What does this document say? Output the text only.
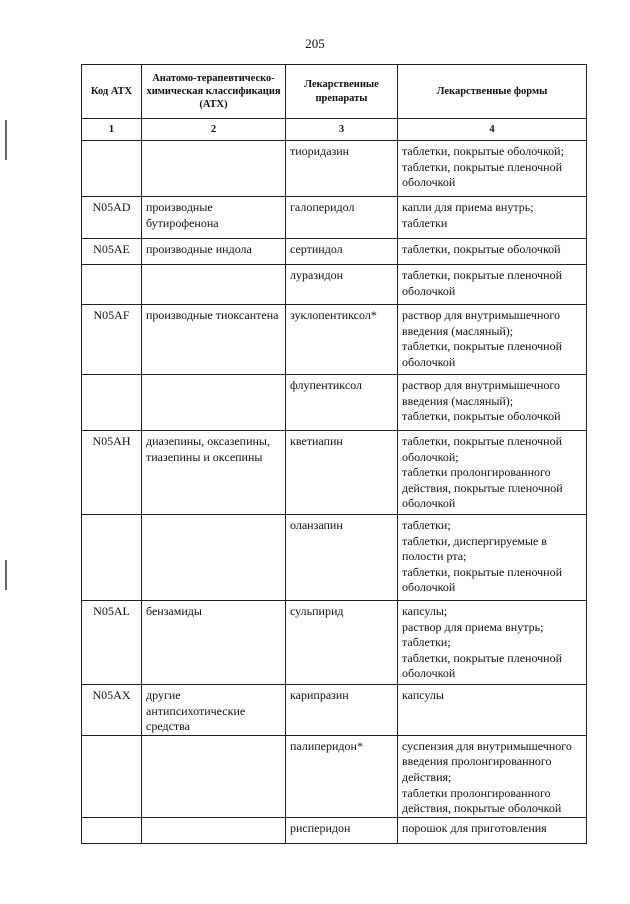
205
Код АТХ	Анатомо-терапевтическо-химическая классификация (АТХ)	Лекарственные препараты	Лекарственные формы
1	2	3	4
		тиоридазин	таблетки, покрытые оболочкой;
таблетки, покрытые пленочной оболочкой

N05AD	производные бутирофенона	галоперидол	капли для приема внутрь;
таблетки

N05AE	производные индола	сертиндол	таблетки, покрытые оболочкой

		луразидон	таблетки, покрытые пленочной оболочкой

N05AF	производные тиоксантена	зуклопентиксол*	раствор для внутримышечного введения (масляный);
таблетки, покрытые пленочной оболочкой

		флупентиксол	раствор для внутримышечного введения (масляный);
таблетки, покрытые оболочкой

N05AH	диазепины, оксазепины, тиазепины и оксепины	кветиапин	таблетки, покрытые пленочной оболочкой;
таблетки пролонгированного действия, покрытые пленочной оболочкой

		оланзапин	таблетки;
таблетки, диспергируемые в полости рта;
таблетки, покрытые пленочной оболочкой

N05AL	бензамиды	сульпирид	капсулы;
раствор для приема внутрь;
таблетки;
таблетки, покрытые пленочной оболочкой

N05AX	другие антипсихотические средства	карипразин	капсулы

		палиперидон*	суспензия для внутримышечного введения пролонгированного действия;
таблетки пролонгированного действия, покрытые оболочкой

		рисперидон	порошок для приготовления
